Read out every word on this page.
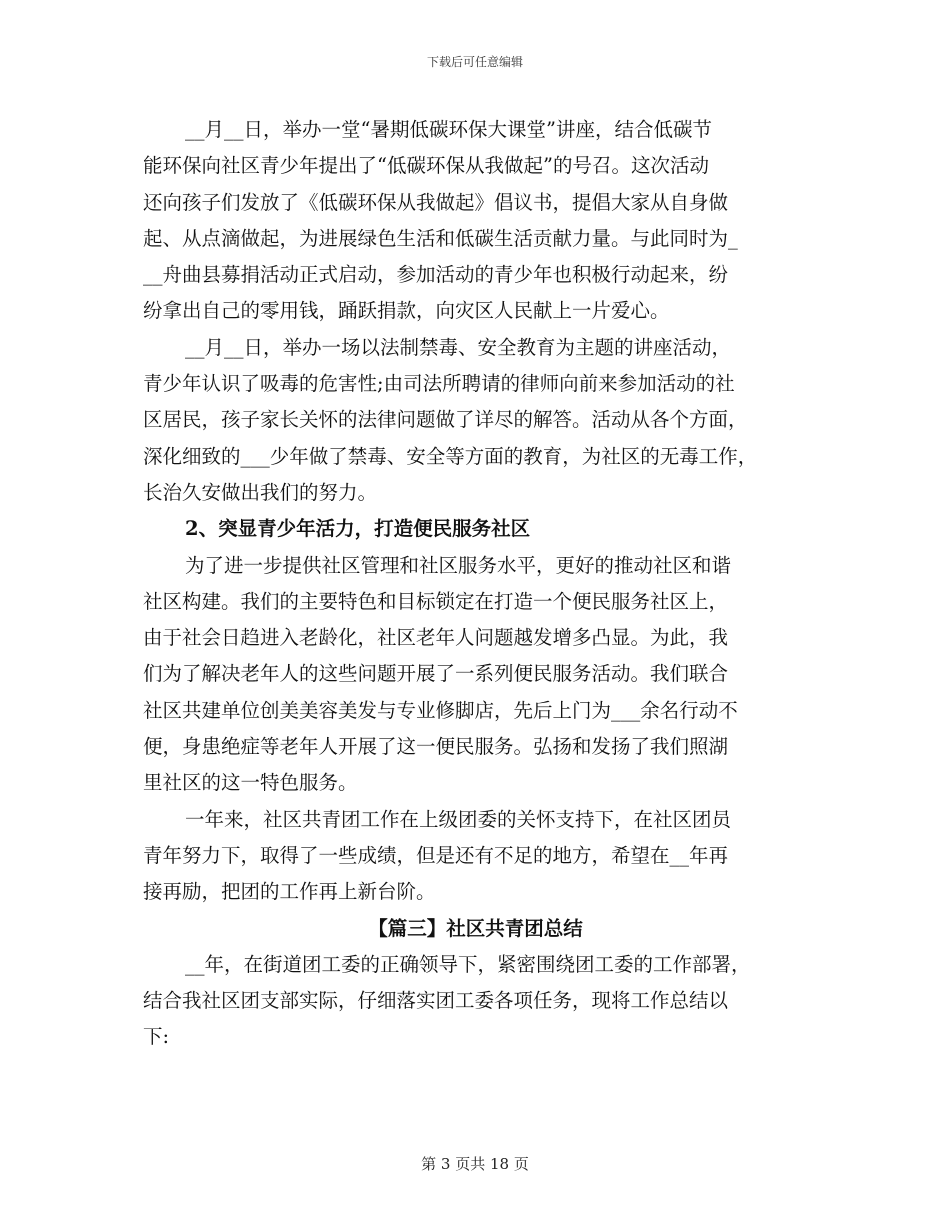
下载后可任意编辑
__月__日，举办一堂“暑期低碳环保大课堂”讲座，结合低碳节
能环保向社区青少年提出了“低碳环保从我做起”的号召。这次活动
还向孩子们发放了《低碳环保从我做起》倡议书，提倡大家从自身做
起、从点滴做起，为进展绿色生活和低碳生活贡献力量。与此同时为_
__舟曲县募捐活动正式启动，参加活动的青少年也积极行动起来，纷
纷拿出自己的零用钱，踊跃捐款，向灾区人民献上一片爱心。
__月__日，举办一场以法制禁毒、安全教育为主题的讲座活动，
青少年认识了吸毒的危害性;由司法所聘请的律师向前来参加活动的社
区居民，孩子家长关怀的法律问题做了详尽的解答。活动从各个方面，
深化细致的___少年做了禁毒、安全等方面的教育，为社区的无毒工作，
长治久安做出我们的努力。
2、突显青少年活力，打造便民服务社区
为了进一步提供社区管理和社区服务水平，更好的推动社区和谐
社区构建。我们的主要特色和目标锁定在打造一个便民服务社区上，
由于社会日趋进入老龄化，社区老年人问题越发增多凸显。为此，我
们为了解决老年人的这些问题开展了一系列便民服务活动。我们联合
社区共建单位创美美容美发与专业修脚店，先后上门为___余名行动不
便，身患绝症等老年人开展了这一便民服务。弘扬和发扬了我们照湖
里社区的这一特色服务。
一年来，社区共青团工作在上级团委的关怀支持下，在社区团员
青年努力下，取得了一些成绩，但是还有不足的地方，希望在__年再
接再励，把团的工作再上新台阶。
【篇三】社区共青团总结
__年，在街道团工委的正确领导下，紧密围绕团工委的工作部署，
结合我社区团支部实际，仔细落实团工委各项任务，现将工作总结以
下:
第 3 页共 18 页
